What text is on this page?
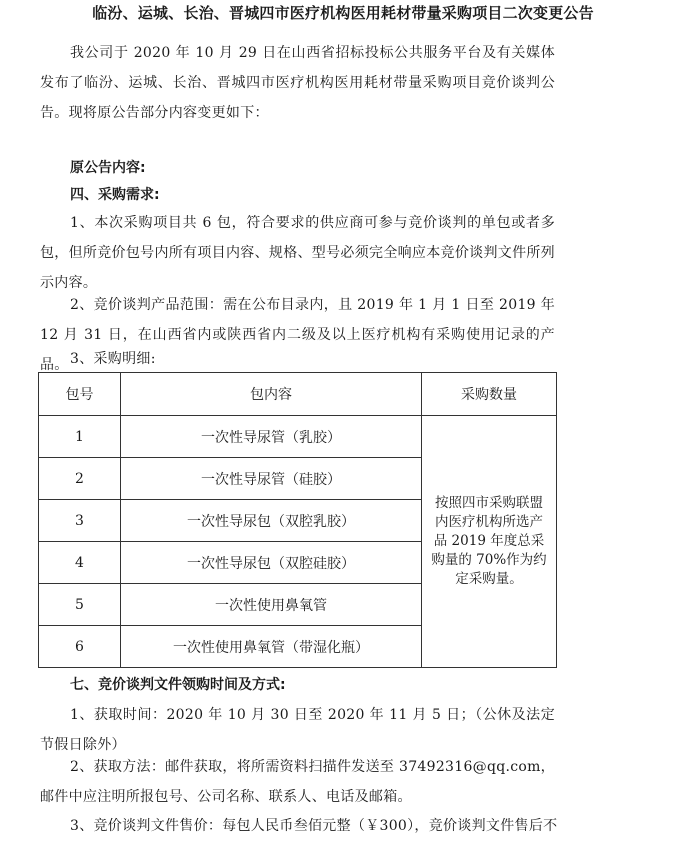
临汾、运城、长治、晋城四市医疗机构医用耗材带量采购项目二次变更公告
我公司于 2020 年 10 月 29 日在山西省招标投标公共服务平台及有关媒体发布了临汾、运城、长治、晋城四市医疗机构医用耗材带量采购项目竞价谈判公告。现将原公告部分内容变更如下：
原公告内容:
四、采购需求:
1、本次采购项目共 6 包，符合要求的供应商可参与竞价谈判的单包或者多包，但所竞价包号内所有项目内容、规格、型号必须完全响应本竞价谈判文件所列示内容。
2、竞价谈判产品范围：需在公布目录内，且 2019 年 1 月 1 日至 2019 年 12 月 31 日，在山西省内或陕西省内二级及以上医疗机构有采购使用记录的产品。 3、采购明细:
包号	包内容	采购数量
1	一次性导尿管（乳胶）	按照四市采购联盟内医疗机构所选产品 2019 年度总采购量的 70%作为约定采购量。
2	一次性导尿管（硅胶）	
3	一次性导尿包（双腔乳胶）	
4	一次性导尿包（双腔硅胶）	
5	一次性使用鼻氧管	
6	一次性使用鼻氧管（带湿化瓶）	
七、竞价谈判文件领购时间及方式:
1、获取时间：2020 年 10 月 30 日至 2020 年 11 月 5 日；（公休及法定节假日除外）
2、获取方法：邮件获取，将所需资料扫描件发送至 37492316@qq.com，邮件中应注明所报包号、公司名称、联系人、电话及邮箱。
3、竞价谈判文件售价：每包人民币叁佰元整（￥300），竞价谈判文件售后不
